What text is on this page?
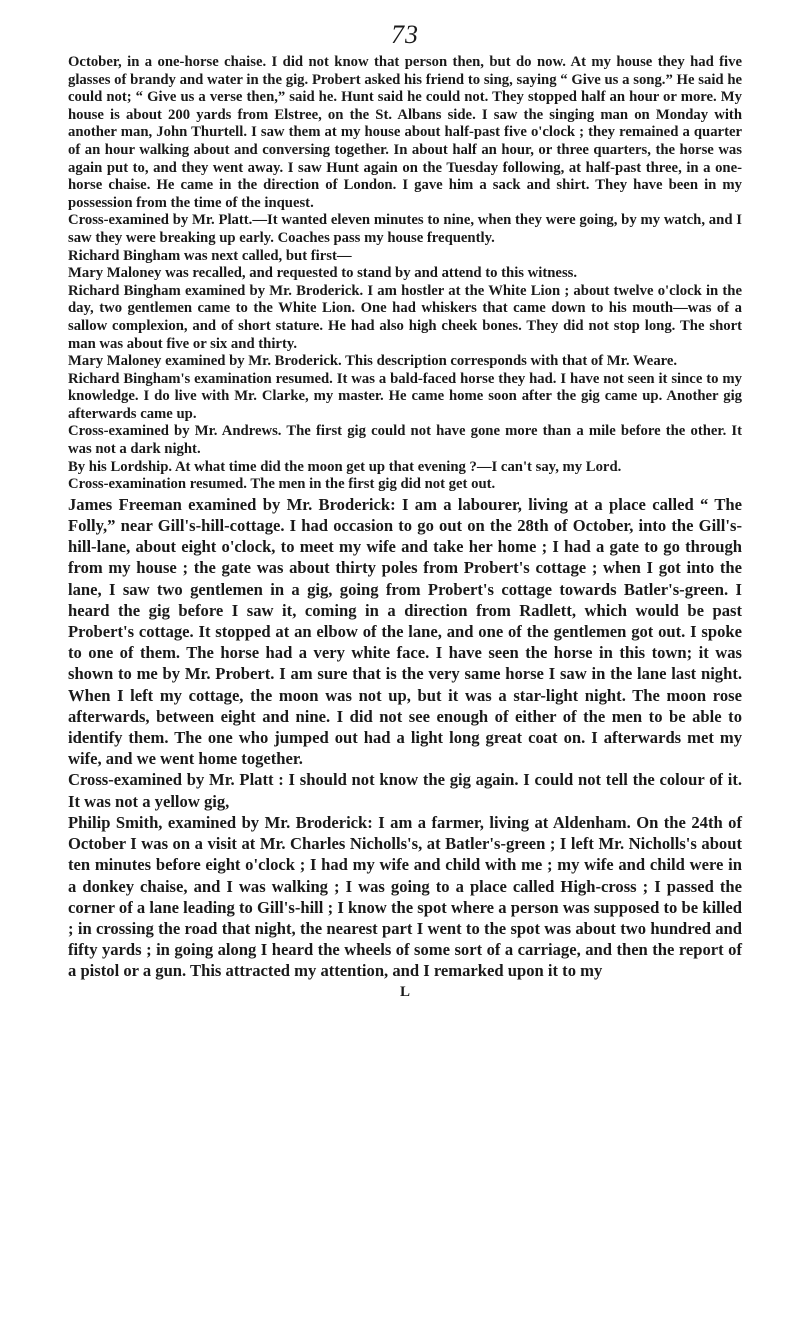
73

October, in a one-horse chaise. I did not know that person then, but do now. At my house they had five glasses of brandy and water in the gig. Probert asked his friend to sing, saying “ Give us a song.” He said he could not; “ Give us a verse then,” said he. Hunt said he could not. They stopped half an hour or more. My house is about 200 yards from Elstree, on the St. Albans side. I saw the singing man on Monday with another man, John Thurtell. I saw them at my house about half-past five o'clock ; they remained a quarter of an hour walking about and conversing together. In about half an hour, or three quarters, the horse was again put to, and they went away. I saw Hunt again on the Tuesday following, at half-past three, in a one-horse chaise. He came in the direction of London. I gave him a sack and shirt. They have been in my possession from the time of the inquest.

Cross-examined by Mr. Platt.—It wanted eleven minutes to nine, when they were going, by my watch, and I saw they were breaking up early. Coaches pass my house frequently.

Richard Bingham was next called, but first—

Mary Maloney was recalled, and requested to stand by and attend to this witness.

Richard Bingham examined by Mr. Broderick. I am hostler at the White Lion ; about twelve o'clock in the day, two gentlemen came to the White Lion. One had whiskers that came down to his mouth—was of a sallow complexion, and of short stature. He had also high cheek bones. They did not stop long. The short man was about five or six and thirty.

Mary Maloney examined by Mr. Broderick. This description corresponds with that of Mr. Weare.

Richard Bingham's examination resumed. It was a bald-faced horse they had. I have not seen it since to my knowledge. I do live with Mr. Clarke, my master. He came home soon after the gig came up. Another gig afterwards came up.

Cross-examined by Mr. Andrews. The first gig could not have gone more than a mile before the other. It was not a dark night.

By his Lordship. At what time did the moon get up that evening ?—I can't say, my Lord.

Cross-examination resumed. The men in the first gig did not get out.

James Freeman examined by Mr. Broderick: I am a labourer, living at a place called “ The Folly,” near Gill's-hill-cottage. I had occasion to go out on the 28th of October, into the Gill's-hill-lane, about eight o'clock, to meet my wife and take her home ; I had a gate to go through from my house ; the gate was about thirty poles from Probert's cottage ; when I got into the lane, I saw two gentlemen in a gig, going from Probert's cottage towards Batler's-green. I heard the gig before I saw it, coming in a direction from Radlett, which would be past Probert's cottage. It stopped at an elbow of the lane, and one of the gentlemen got out. I spoke to one of them. The horse had a very white face. I have seen the horse in this town; it was shown to me by Mr. Probert. I am sure that is the very same horse I saw in the lane last night. When I left my cottage, the moon was not up, but it was a star-light night. The moon rose afterwards, between eight and nine. I did not see enough of either of the men to be able to identify them. The one who jumped out had a light long great coat on. I afterwards met my wife, and we went home together.

Cross-examined by Mr. Platt : I should not know the gig again. I could not tell the colour of it. It was not a yellow gig,

Philip Smith, examined by Mr. Broderick: I am a farmer, living at Aldenham. On the 24th of October I was on a visit at Mr. Charles Nicholls's, at Batler's-green ; I left Mr. Nicholls's about ten minutes before eight o'clock ; I had my wife and child with me ; my wife and child were in a donkey chaise, and I was walking ; I was going to a place called High-cross ; I passed the corner of a lane leading to Gill's-hill ; I know the spot where a person was supposed to be killed ; in crossing the road that night, the nearest part I went to the spot was about two hundred and fifty yards ; in going along I heard the wheels of some sort of a carriage, and then the report of a pistol or a gun. This attracted my attention, and I remarked upon it to my

L
